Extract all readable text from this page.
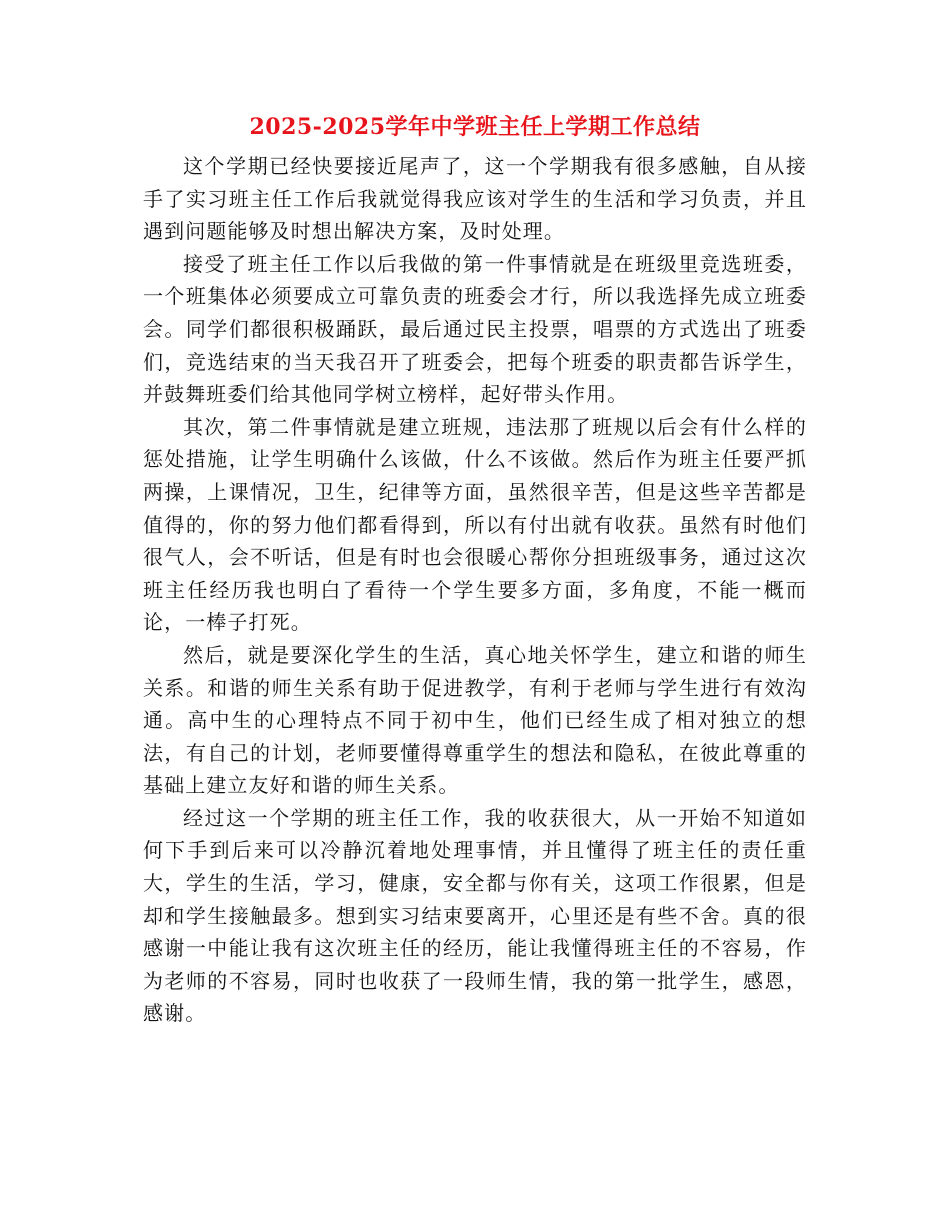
2025-2025学年中学班主任上学期工作总结

这个学期已经快要接近尾声了，这一个学期我有很多感触，自从接手了实习班主任工作后我就觉得我应该对学生的生活和学习负责，并且遇到问题能够及时想出解决方案，及时处理。

接受了班主任工作以后我做的第一件事情就是在班级里竞选班委，一个班集体必须要成立可靠负责的班委会才行，所以我选择先成立班委会。同学们都很积极踊跃，最后通过民主投票，唱票的方式选出了班委们，竞选结束的当天我召开了班委会，把每个班委的职责都告诉学生，并鼓舞班委们给其他同学树立榜样，起好带头作用。

其次，第二件事情就是建立班规，违法那了班规以后会有什么样的惩处措施，让学生明确什么该做，什么不该做。然后作为班主任要严抓两操，上课情况，卫生，纪律等方面，虽然很辛苦，但是这些辛苦都是值得的，你的努力他们都看得到，所以有付出就有收获。虽然有时他们很气人，会不听话，但是有时也会很暖心帮你分担班级事务，通过这次班主任经历我也明白了看待一个学生要多方面，多角度，不能一概而论，一棒子打死。

然后，就是要深化学生的生活，真心地关怀学生，建立和谐的师生关系。和谐的师生关系有助于促进教学，有利于老师与学生进行有效沟通。高中生的心理特点不同于初中生，他们已经生成了相对独立的想法，有自己的计划，老师要懂得尊重学生的想法和隐私，在彼此尊重的基础上建立友好和谐的师生关系。

经过这一个学期的班主任工作，我的收获很大，从一开始不知道如何下手到后来可以冷静沉着地处理事情，并且懂得了班主任的责任重大，学生的生活，学习，健康，安全都与你有关，这项工作很累，但是却和学生接触最多。想到实习结束要离开，心里还是有些不舍。真的很感谢一中能让我有这次班主任的经历，能让我懂得班主任的不容易，作为老师的不容易，同时也收获了一段师生情，我的第一批学生，感恩，感谢。
